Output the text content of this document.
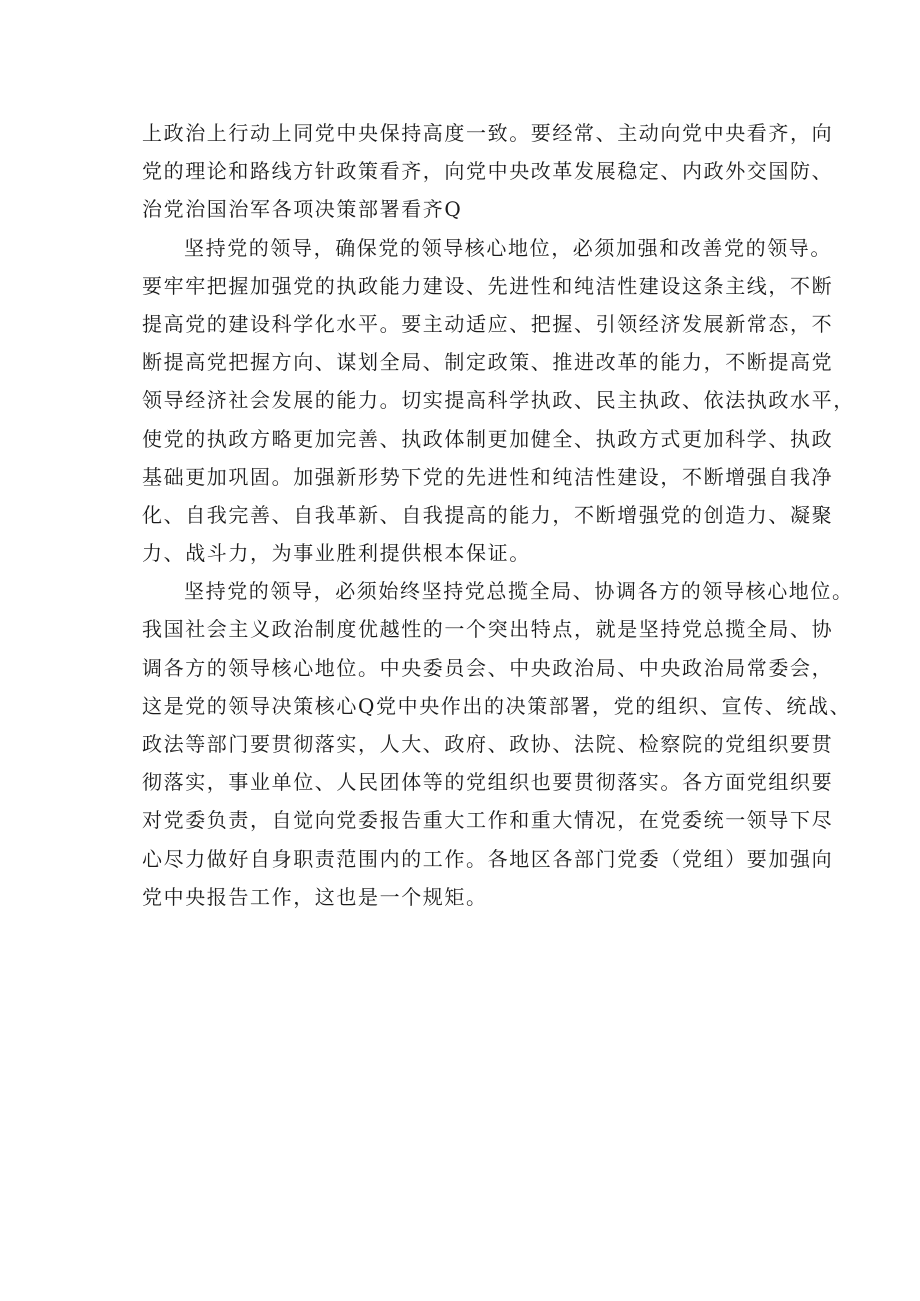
上政治上行动上同党中央保持高度一致。要经常、主动向党中央看齐，向
党的理论和路线方针政策看齐，向党中央改革发展稳定、内政外交国防、
治党治国治军各项决策部署看齐Q
坚持党的领导，确保党的领导核心地位，必须加强和改善党的领导。
要牢牢把握加强党的执政能力建设、先进性和纯洁性建设这条主线，不断
提高党的建设科学化水平。要主动适应、把握、引领经济发展新常态，不
断提高党把握方向、谋划全局、制定政策、推进改革的能力，不断提高党
领导经济社会发展的能力。切实提高科学执政、民主执政、依法执政水平，
使党的执政方略更加完善、执政体制更加健全、执政方式更加科学、执政
基础更加巩固。加强新形势下党的先进性和纯洁性建设，不断增强自我净
化、自我完善、自我革新、自我提高的能力，不断增强党的创造力、凝聚
力、战斗力，为事业胜利提供根本保证。
坚持党的领导，必须始终坚持党总揽全局、协调各方的领导核心地位。
我国社会主义政治制度优越性的一个突出特点，就是坚持党总揽全局、协
调各方的领导核心地位。中央委员会、中央政治局、中央政治局常委会，
这是党的领导决策核心Q党中央作出的决策部署，党的组织、宣传、统战、
政法等部门要贯彻落实，人大、政府、政协、法院、检察院的党组织要贯
彻落实，事业单位、人民团体等的党组织也要贯彻落实。各方面党组织要
对党委负责，自觉向党委报告重大工作和重大情况，在党委统一领导下尽
心尽力做好自身职责范围内的工作。各地区各部门党委（党组）要加强向
党中央报告工作，这也是一个规矩。
